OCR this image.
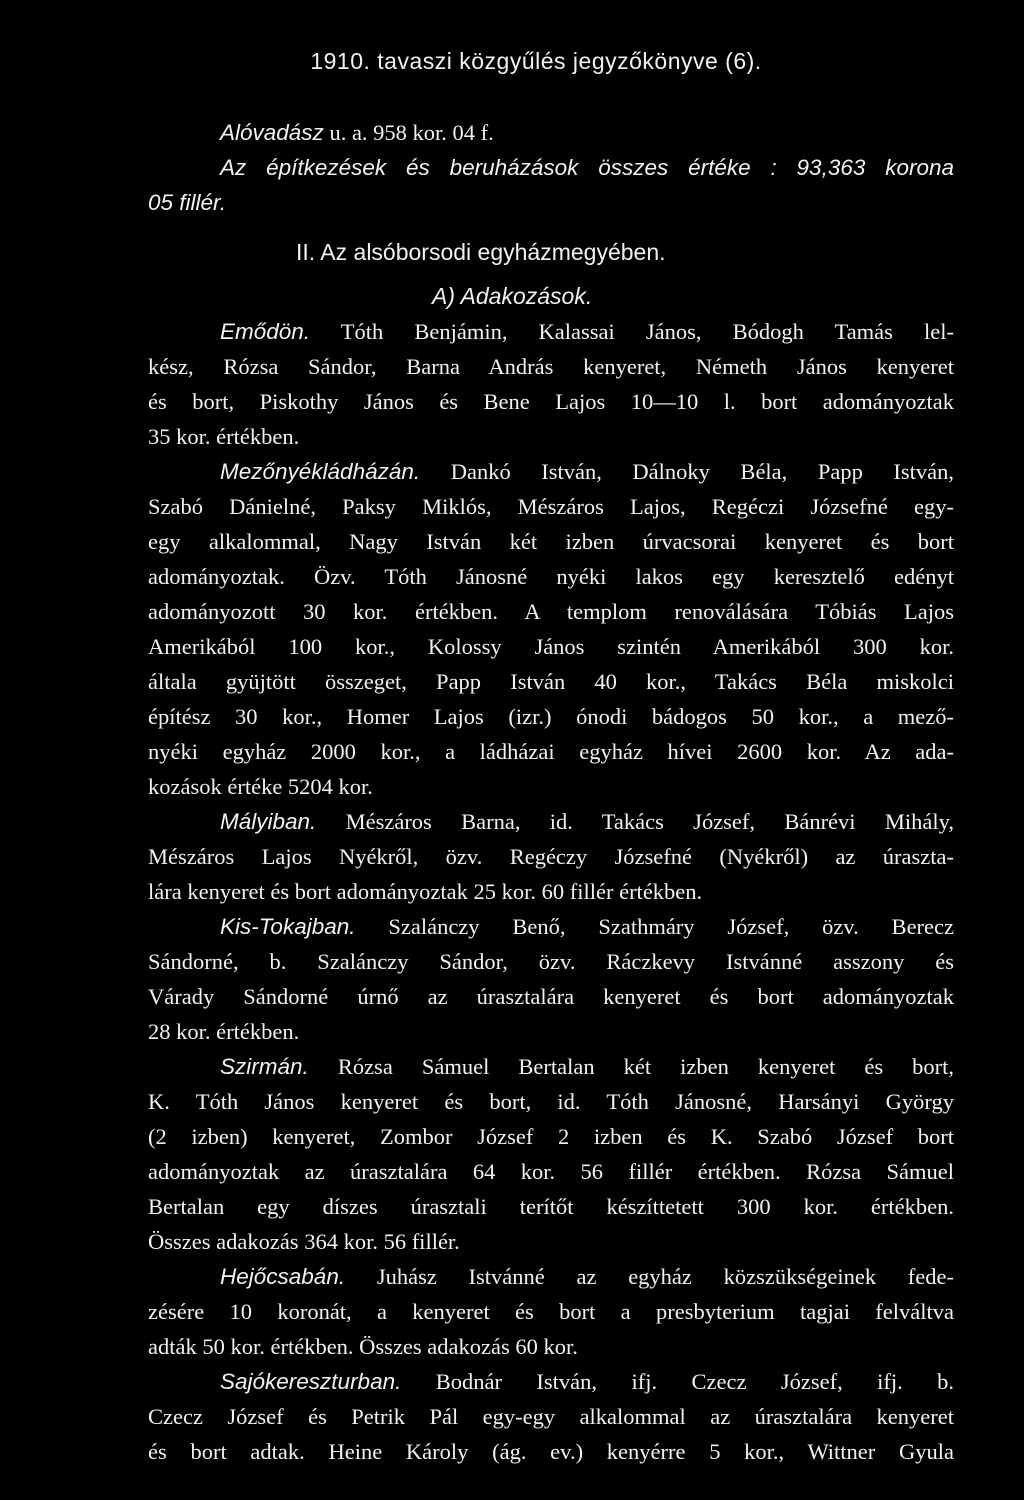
1910. tavaszi közgyűlés jegyzőkönyve (6).
Alóvadász u. a. 958 kor. 04 f.
Az építkezések és beruházások összes értéke : 93,363 korona
05 fillér.
II. Az alsóborsodi egyházmegyében.
A) Adakozások.
Emődön. Tóth Benjámin, Kalassai János, Bódogh Tamás lel-
kész, Rózsa Sándor, Barna András kenyeret, Németh János kenyeret
és bort, Piskothy János és Bene Lajos 10—10 l. bort adományoztak
35 kor. értékben.
Mezőnyékládházán. Dankó István, Dálnoky Béla, Papp István,
Szabó Dánielné, Paksy Miklós, Mészáros Lajos, Regéczi Józsefné egy-
egy alkalommal, Nagy István két izben úrvacsorai kenyeret és bort
adományoztak. Özv. Tóth Jánosné nyéki lakos egy keresztelő edényt
adományozott 30 kor. értékben. A templom renoválására Tóbiás Lajos
Amerikából 100 kor., Kolossy János szintén Amerikából 300 kor.
általa gyüjtött összeget, Papp István 40 kor., Takács Béla miskolci
építész 30 kor., Homer Lajos (izr.) ónodi bádogos 50 kor., a mező-
nyéki egyház 2000 kor., a ládházai egyház hívei 2600 kor. Az ada-
kozások értéke 5204 kor.
Mályiban. Mészáros Barna, id. Takács József, Bánrévi Mihály,
Mészáros Lajos Nyékről, özv. Regéczy Józsefné (Nyékről) az úraszta-
lára kenyeret és bort adományoztak 25 kor. 60 fillér értékben.
Kis-Tokajban. Szalánczy Benő, Szathmáry József, özv. Berecz
Sándorné, b. Szalánczy Sándor, özv. Ráczkevy Istvánné asszony és
Várady Sándorné úrnő az úrasztalára kenyeret és bort adományoztak
28 kor. értékben.
Szirmán. Rózsa Sámuel Bertalan két izben kenyeret és bort,
K. Tóth János kenyeret és bort, id. Tóth Jánosné, Harsányi György
(2 izben) kenyeret, Zombor József 2 izben és K. Szabó József bort
adományoztak az úrasztalára 64 kor. 56 fillér értékben. Rózsa Sámuel
Bertalan egy díszes úrasztali terítőt készíttetett 300 kor. értékben.
Összes adakozás 364 kor. 56 fillér.
Hejőcsabán. Juhász Istvánné az egyház közszükségeinek fede-
zésére 10 koronát, a kenyeret és bort a presbyterium tagjai felváltva
adták 50 kor. értékben. Összes adakozás 60 kor.
Sajókereszturban. Bodnár István, ifj. Czecz József, ifj. b.
Czecz József és Petrik Pál egy-egy alkalommal az úrasztalára kenyeret
és bort adtak. Heine Károly (ág. ev.) kenyérre 5 kor., Wittner Gyula
